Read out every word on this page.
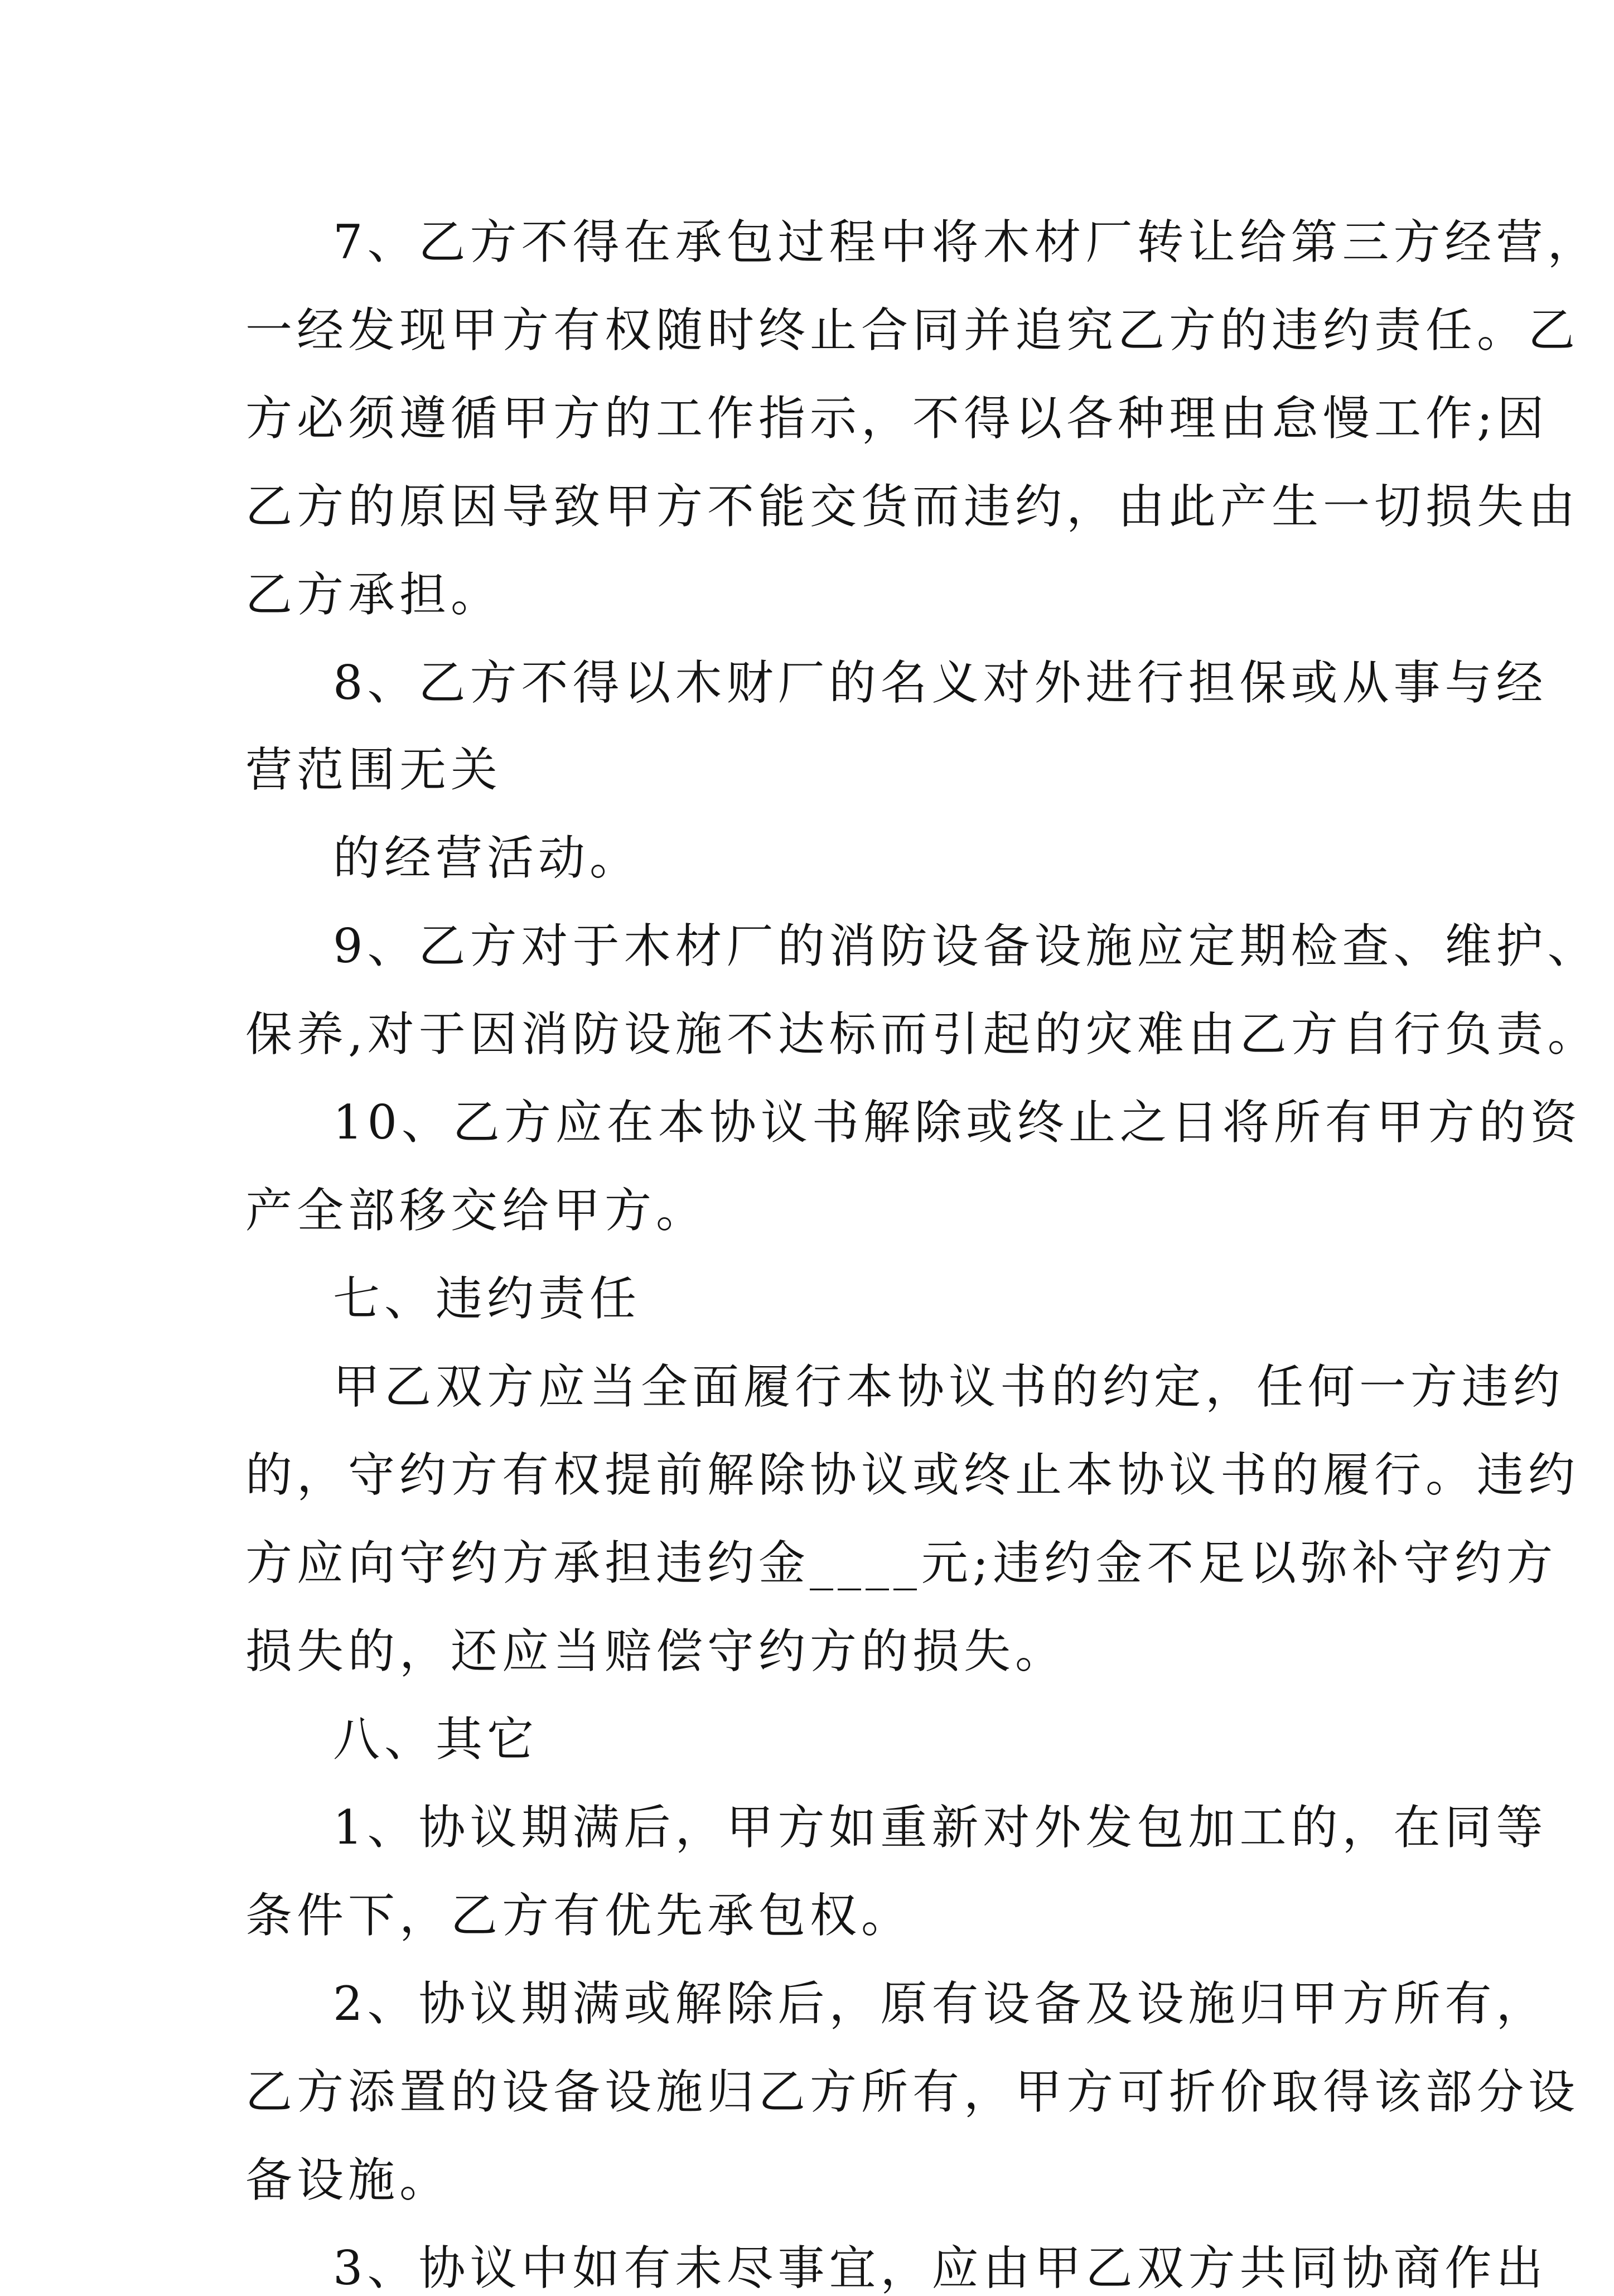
7、乙方不得在承包过程中将木材厂转让给第三方经营，
一经发现甲方有权随时终止合同并追究乙方的违约责任。乙
方必须遵循甲方的工作指示，不得以各种理由怠慢工作;因
乙方的原因导致甲方不能交货而违约，由此产生一切损失由
乙方承担。
8、乙方不得以木财厂的名义对外进行担保或从事与经
营范围无关
的经营活动。
9、乙方对于木材厂的消防设备设施应定期检查、维护、
保养,对于因消防设施不达标而引起的灾难由乙方自行负责。
10、乙方应在本协议书解除或终止之日将所有甲方的资
产全部移交给甲方。
七、违约责任
甲乙双方应当全面履行本协议书的约定，任何一方违约
的，守约方有权提前解除协议或终止本协议书的履行。违约
方应向守约方承担违约金____元;违约金不足以弥补守约方
损失的，还应当赔偿守约方的损失。
八、其它
1、协议期满后，甲方如重新对外发包加工的，在同等
条件下，乙方有优先承包权。
2、协议期满或解除后，原有设备及设施归甲方所有，
乙方添置的设备设施归乙方所有，甲方可折价取得该部分设
备设施。
3、协议中如有未尽事宜，应由甲乙双方共同协商作出
